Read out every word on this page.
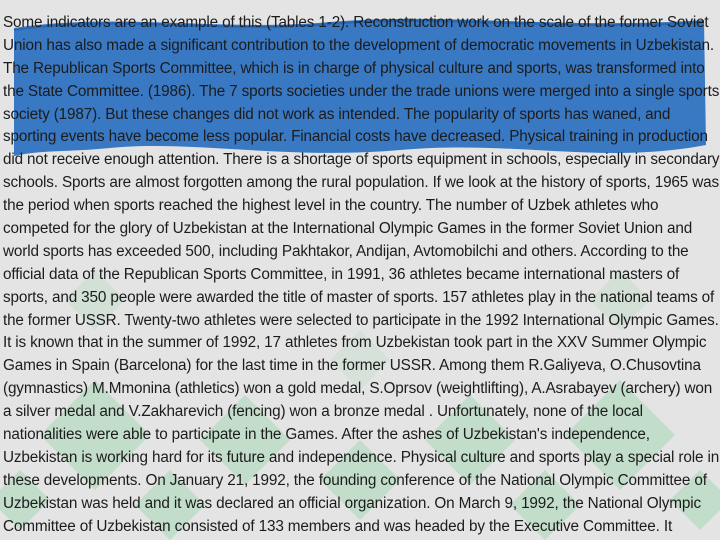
Some indicators are an example of this (Tables 1-2). Reconstruction work on the scale of the former Soviet
Union has also made a significant contribution to the development of democratic movements in Uzbekistan.
The Republican Sports Committee, which is in charge of physical culture and sports, was transformed into
the State Committee. (1986). The 7 sports societies under the trade unions were merged into a single sports
society (1987). But these changes did not work as intended. The popularity of sports has waned, and
sporting events have become less popular. Financial costs have decreased. Physical training in production
did not receive enough attention. There is a shortage of sports equipment in schools, especially in secondary
schools. Sports are almost forgotten among the rural population. If we look at the history of sports, 1965 was
the period when sports reached the highest level in the country. The number of Uzbek athletes who
competed for the glory of Uzbekistan at the International Olympic Games in the former Soviet Union and
world sports has exceeded 500, including Pakhtakor, Andijan, Avtomobilchi and others. According to the
official data of the Republican Sports Committee, in 1991, 36 athletes became international masters of
sports, and 350 people were awarded the title of master of sports. 157 athletes play in the national teams of
the former USSR. Twenty-two athletes were selected to participate in the 1992 International Olympic Games.
It is known that in the summer of 1992, 17 athletes from Uzbekistan took part in the XXV Summer Olympic
Games in Spain (Barcelona) for the last time in the former USSR. Among them R.Galiyeva, O.Chusovtina
(gymnastics) M.Mmonina (athletics) won a gold medal, S.Oprsov (weightlifting), A.Asrabayev (archery) won
a silver medal and V.Zakharevich (fencing) won a bronze medal . Unfortunately, none of the local
nationalities were able to participate in the Games. After the ashes of Uzbekistan's independence,
Uzbekistan is working hard for its future and independence. Physical culture and sports play a special role in
these developments. On January 21, 1992, the founding conference of the National Olympic Committee of
Uzbekistan was held and it was declared an official organization. On March 9, 1992, the National Olympic
Committee of Uzbekistan consisted of 133 members and was headed by the Executive Committee. It
